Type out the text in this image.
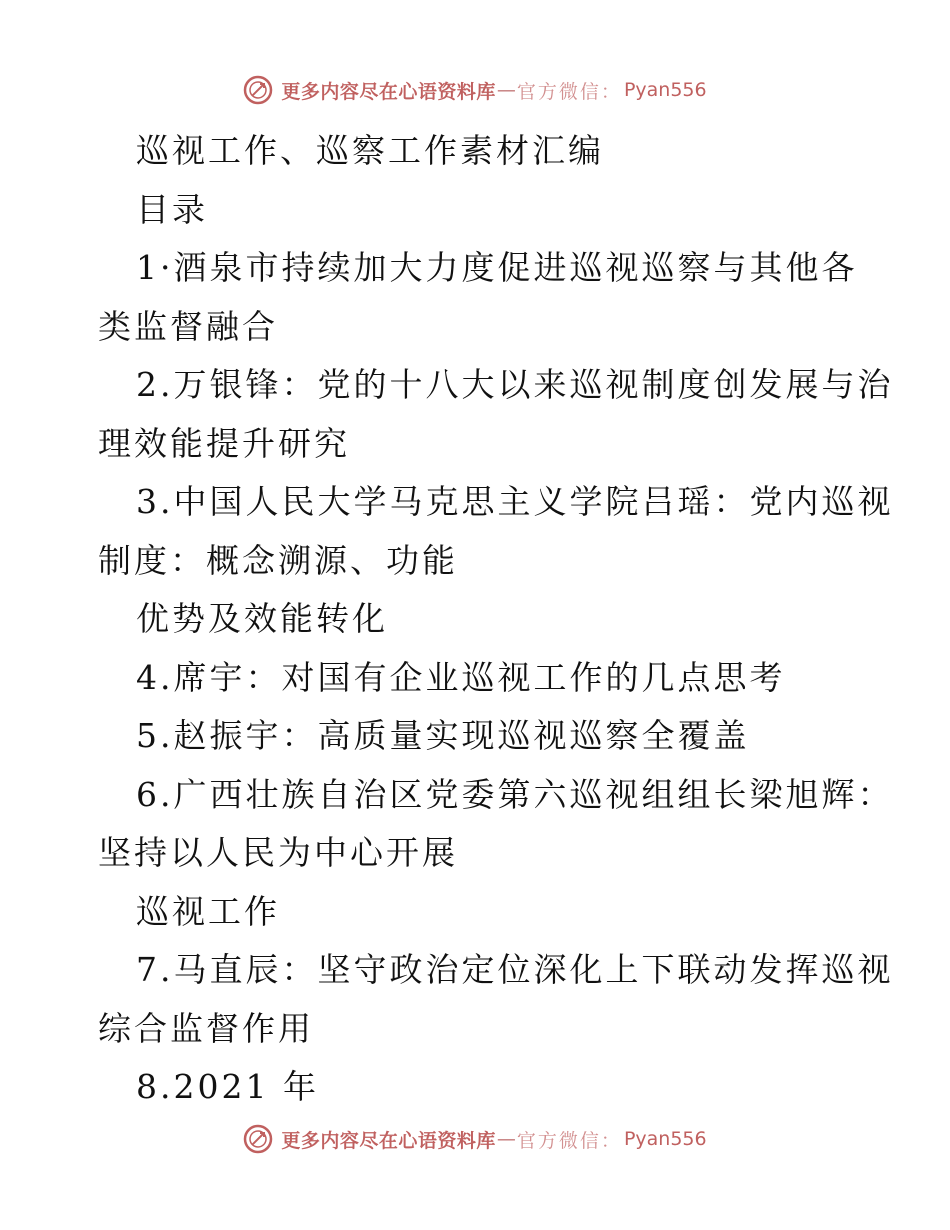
更多内容尽在心语资料库 — 官方微信： Pyan556
巡视工作、巡察工作素材汇编
目录
1·酒泉市持续加大力度促进巡视巡察与其他各
类监督融合
2.万银锋：党的十八大以来巡视制度创发展与治
理效能提升研究
3.中国人民大学马克思主义学院吕瑶：党内巡视
制度：概念溯源、功能
优势及效能转化
4.席宇：对国有企业巡视工作的几点思考
5.赵振宇：高质量实现巡视巡察全覆盖
6.广西壮族自治区党委第六巡视组组长梁旭辉：
坚持以人民为中心开展
巡视工作
7.马直辰：坚守政治定位深化上下联动发挥巡视
综合监督作用
8.2021 年
更多内容尽在心语资料库 — 官方微信： Pyan556
